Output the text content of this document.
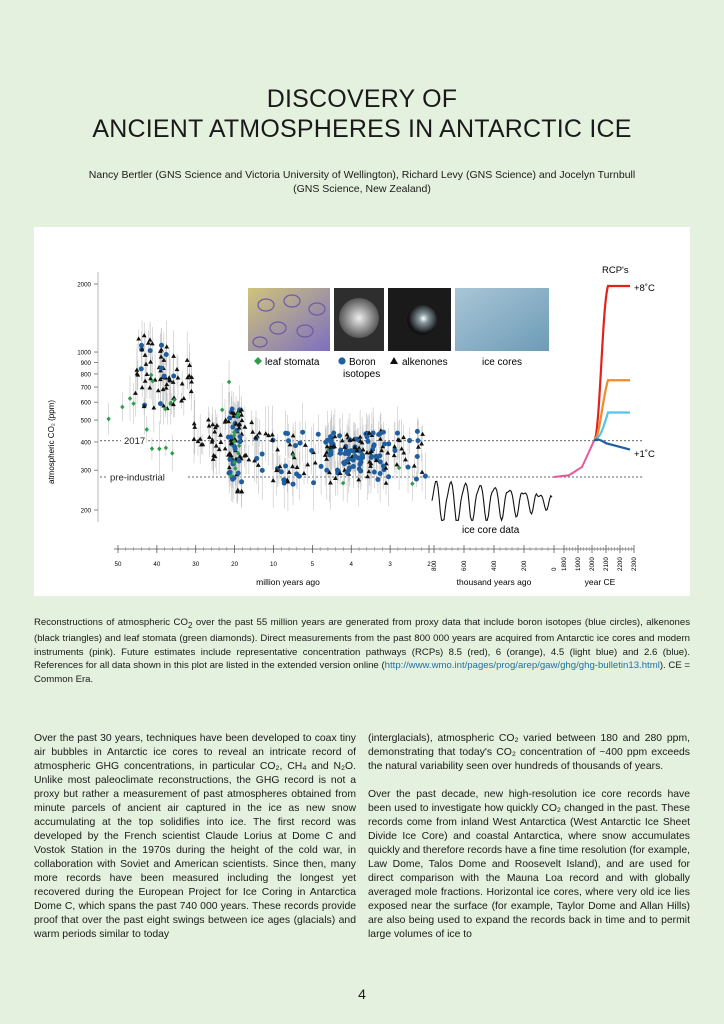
DISCOVERY OF
ANCIENT ATMOSPHERES IN ANTARCTIC ICE
Nancy Bertler (GNS Science and Victoria University of Wellington), Richard Levy (GNS Science) and Jocelyn Turnbull (GNS Science, New Zealand)
leaf stomata	Boron isotopes
alkenones	ice cores
atmospheric CO₂ (ppm)
2000
1000
900
800
700
600
500
400
300
200
2017
pre-industrial
RCP's
+8˚C
+1˚C
ice core data
50	40	30	20	10	5	4	3	2 800	600	400	200	0 1800 1900 2000 2100 2200 2300
million years ago	thousand years ago	year CE
Reconstructions of atmospheric $CO_2$ over the past 55 million years are generated from proxy data that include boron isotopes (blue circles), alkenones (black triangles) and leaf stomata (green diamonds). Direct measurements from the past 800 000 years are acquired from Antarctic ice cores and modern instruments (pink). Future estimates include representative concentration pathways (RCPs) 8.5 (red), 6 (orange), 4.5 (light blue) and 2.6 (blue). References for all data shown in this plot are listed in the extended version online (http://www.wmo.int/pages/prog/arep/gaw/ghg/ghg-bulletin13.html). CE = Common Era.

Over the past 30 years, techniques have been developed to coax tiny air bubbles in Antarctic ice cores to reveal an intricate record of atmospheric GHG concentrations, in particular CO₂, CH₄ and N₂O. Unlike most paleoclimate reconstructions, the GHG record is not a proxy but rather a measurement of past atmospheres obtained from minute parcels of ancient air captured in the ice as new snow accumulating at the top solidifies into ice. The first record was developed by the French scientist Claude Lorius at Dome C and Vostok Station in the 1970s during the height of the cold war, in collaboration with Soviet and American scientists. Since then, many more records have been measured including the longest yet recovered during the European Project for Ice Coring in Antarctica Dome C, which spans the past 740 000 years. These records provide proof that over the past eight swings between ice ages (glacials) and warm periods similar to today

(interglacials), atmospheric CO₂ varied between 180 and 280 ppm, demonstrating that today's CO₂ concentration of ~400 ppm exceeds the natural variability seen over hundreds of thousands of years.

Over the past decade, new high-resolution ice core records have been used to investigate how quickly CO₂ changed in the past. These records come from inland West Antarctica (West Antarctic Ice Sheet Divide Ice Core) and coastal Antarctica, where snow accumulates quickly and therefore records have a fine time resolution (for example, Law Dome, Talos Dome and Roosevelt Island), and are used for direct comparison with the Mauna Loa record and with globally averaged mole fractions. Horizontal ice cores, where very old ice lies exposed near the surface (for example, Taylor Dome and Allan Hills) are also being used to expand the records back in time and to permit large volumes of ice to

4
